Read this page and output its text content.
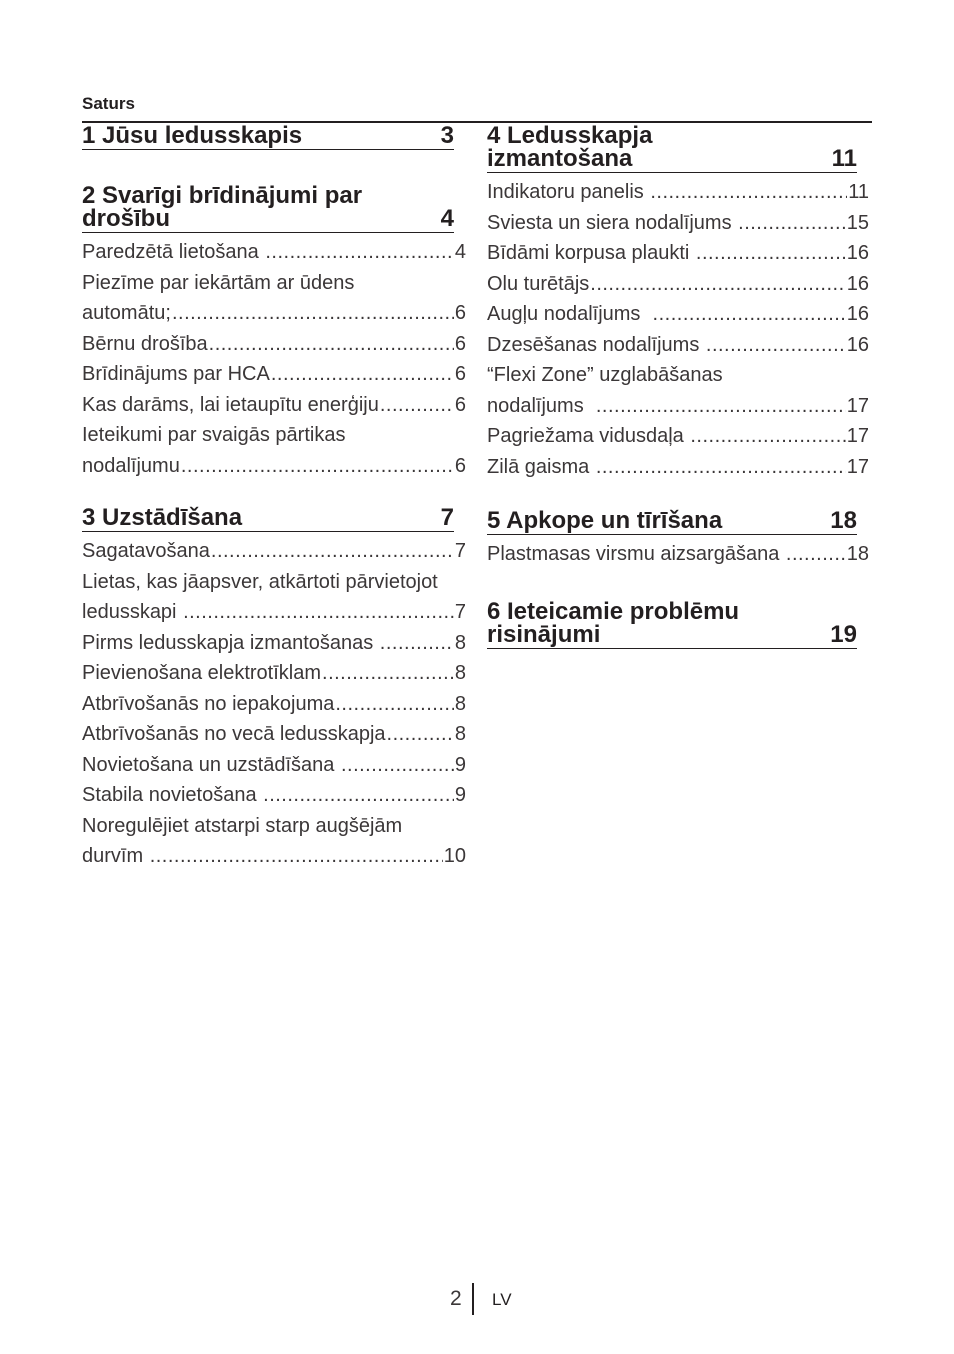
Saturs
1 Jūsu ledusskapis	3
2 Svarīgi brīdinājumi par
drošību	4
Paredzētā lietošana .....	4
Piezīme par iekārtām ar ūdens
automātu; .....	6
Bērnu drošība .....	6
Brīdinājums par HCA .....	6
Kas darāms, lai ietaupītu enerģiju .....	6
Ieteikumi par svaigās pārtikas
nodalījumu .....	6
3 Uzstādīšana	7
Sagatavošana .....	7
Lietas, kas jāapsver, atkārtoti pārvietojot
ledusskapi .....	7
Pirms ledusskapja izmantošanas .....	8
Pievienošana elektrotīklam .....	8
Atbrīvošanās no iepakojuma .....	8
Atbrīvošanās no vecā ledusskapja .....	8
Novietošana un uzstādīšana .....	9
Stabila novietošana .....	9
Noregulējiet atstarpi starp augšējām
durvīm .....	10
4 Ledusskapja
izmantošana	11
Indikatoru panelis .....	11
Sviesta un siera nodalījums .....	15
Bīdāmi korpusa plaukti .....	16
Olu turētājs .....	16
Augļu nodalījums .....	16
Dzesēšanas nodalījums .....	16
“Flexi Zone” uzglabāšanas
nodalījums .....	17
Pagriežama vidusdaļa .....	17
Zilā gaisma .....	17
5 Apkope un tīrīšana	18
Plastmasas virsmu aizsargāšana .....	18
6 Ieteicamie problēmu
risinājumi	19
2 LV
